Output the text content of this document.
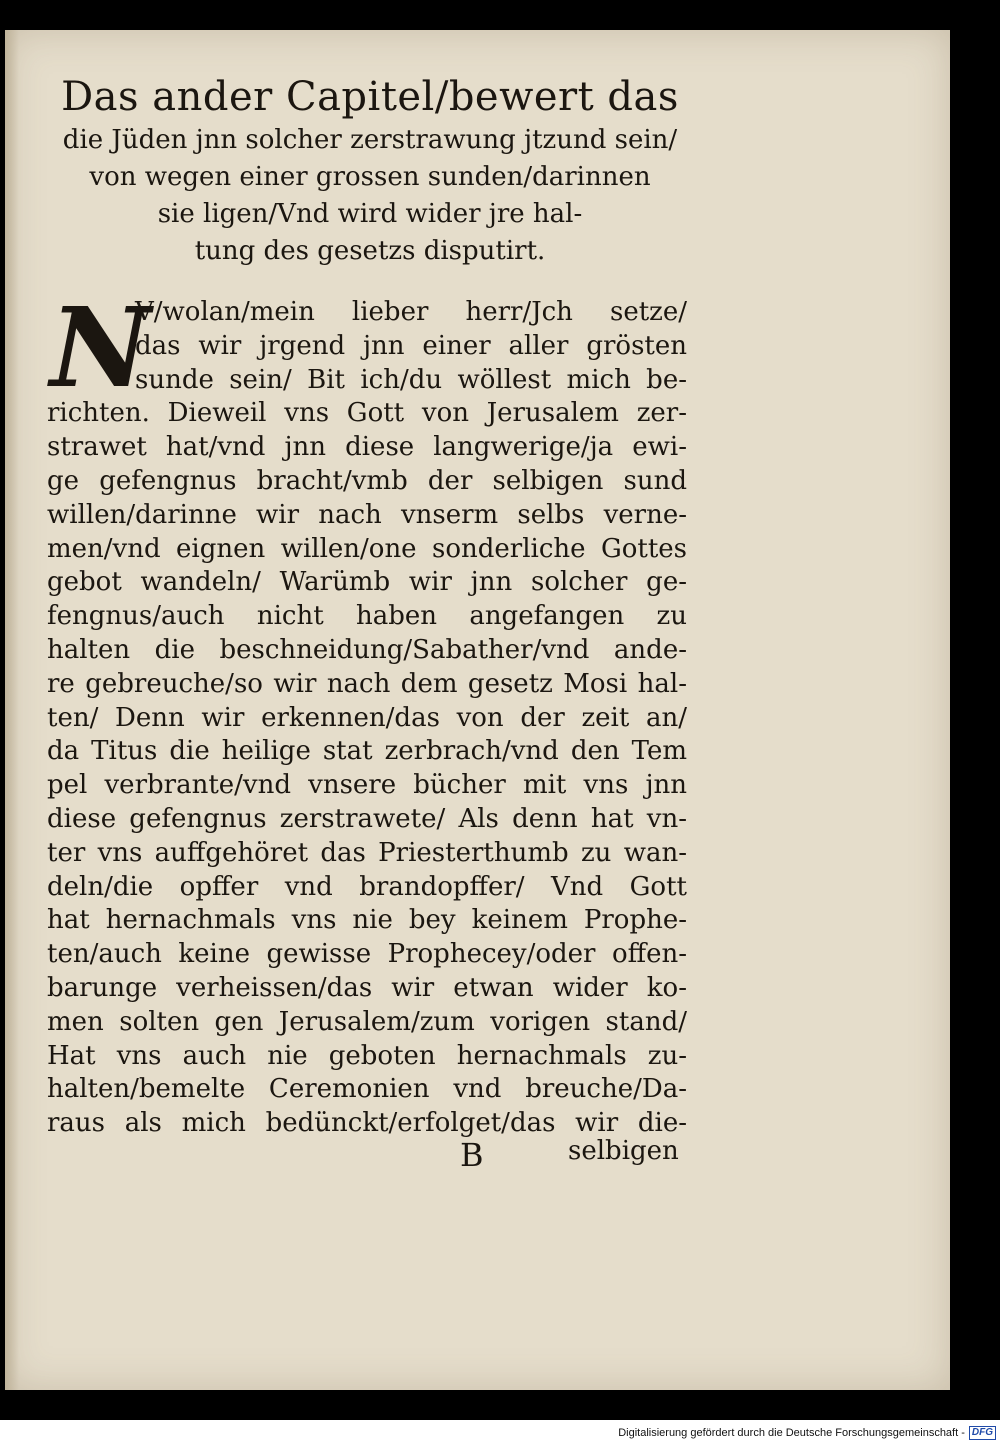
Das ander Capitel/bewert das
die Jüden jnn solcher zerstrawung jtzund sein/
von wegen einer grossen sunden/darinnen
sie ligen/Vnd wird wider jre hal-
tung des gesetzs disputirt.
N
V/wolan/mein lieber herr/Jch setze/
das wir jrgend jnn einer aller grösten
sunde sein/ Bit ich/du wöllest mich be-
richten. Dieweil vns Gott von Jerusalem zer-
strawet hat/vnd jnn diese langwerige/ja ewi-
ge gefengnus bracht/vmb der selbigen sund
willen/darinne wir nach vnserm selbs verne-
men/vnd eignen willen/one sonderliche Gottes
gebot wandeln/ Warümb wir jnn solcher ge-
fengnus/auch nicht haben angefangen zu
halten die beschneidung/Sabather/vnd ande-
re gebreuche/so wir nach dem gesetz Mosi hal-
ten/ Denn wir erkennen/das von der zeit an/
da Titus die heilige stat zerbrach/vnd den Tem
pel verbrante/vnd vnsere bücher mit vns jnn
diese gefengnus zerstrawete/ Als denn hat vn-
ter vns auffgehöret das Priesterthumb zu wan-
deln/die opffer vnd brandopffer/ Vnd Gott
hat hernachmals vns nie bey keinem Prophe-
ten/auch keine gewisse Prophecey/oder offen-
barunge verheissen/das wir etwan wider ko-
men solten gen Jerusalem/zum vorigen stand/
Hat vns auch nie geboten hernachmals zu-
halten/bemelte Ceremonien vnd breuche/Da-
raus als mich bedünckt/erfolget/das wir die-
B	selbigen
Digitalisierung gefördert durch die Deutsche Forschungsgemeinschaft - DFG
